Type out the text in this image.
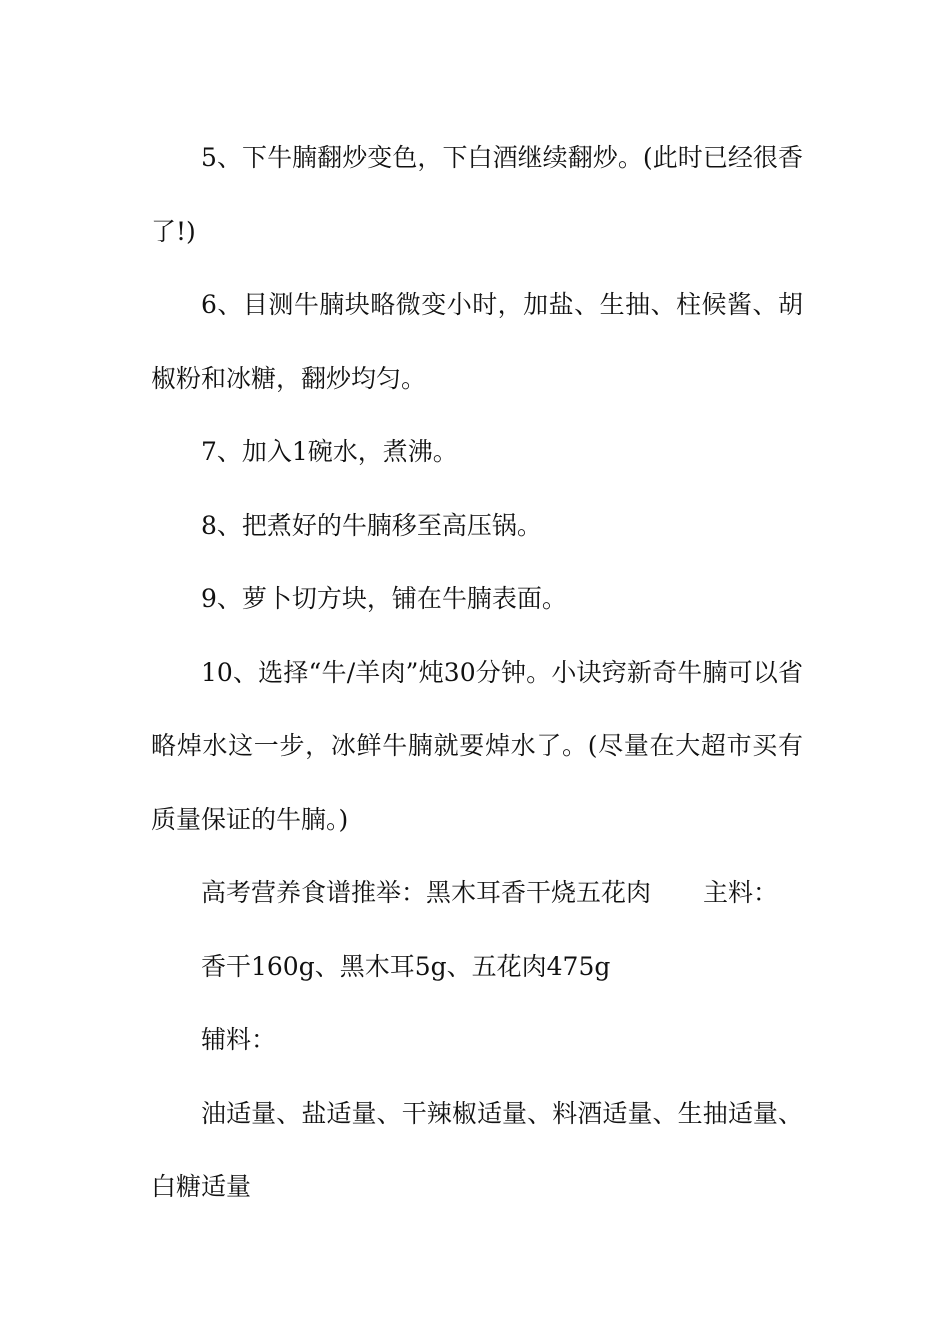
5、下牛腩翻炒变色，下白酒继续翻炒。(此时已经很香了!)

6、目测牛腩块略微变小时，加盐、生抽、柱候酱、胡椒粉和冰糖，翻炒均匀。

7、加入1碗水，煮沸。

8、把煮好的牛腩移至高压锅。

9、萝卜切方块，铺在牛腩表面。

10、选择“牛/羊肉”炖30分钟。小诀窍新奇牛腩可以省略焯水这一步，冰鲜牛腩就要焯水了。(尽量在大超市买有质量保证的牛腩。)

高考营养食谱推举：黑木耳香干烧五花肉 主料：

香干160g、黑木耳5g、五花肉475g

辅料：

油适量、盐适量、干辣椒适量、料酒适量、生抽适量、白糖适量
